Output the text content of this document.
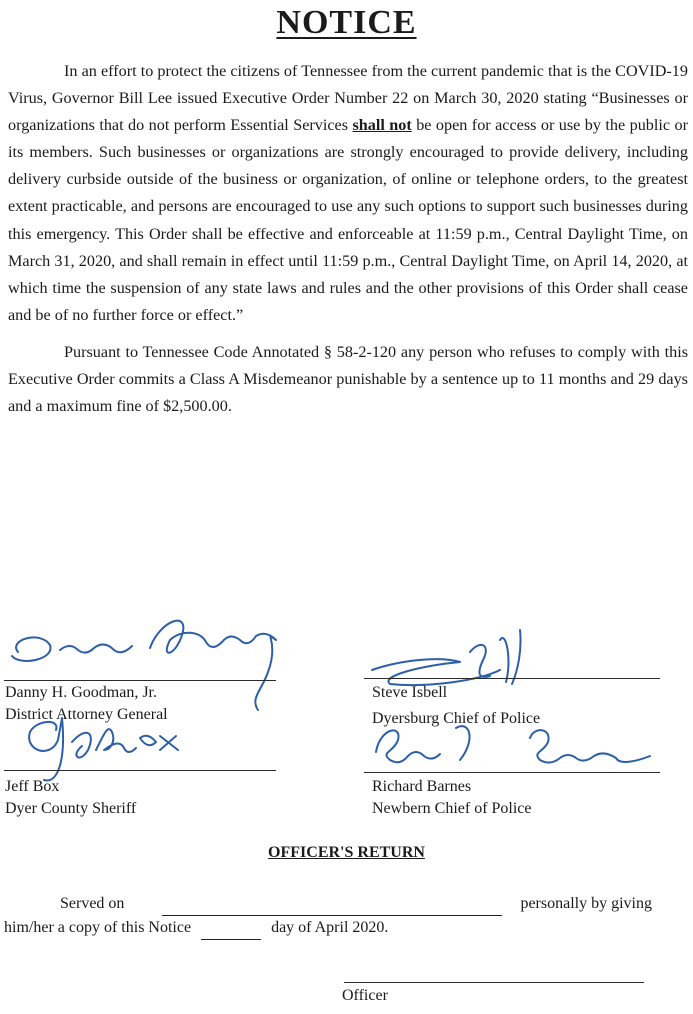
NOTICE

In an effort to protect the citizens of Tennessee from the current pandemic that is the COVID-19 Virus, Governor Bill Lee issued Executive Order Number 22 on March 30, 2020 stating “Businesses or organizations that do not perform Essential Services shall not be open for access or use by the public or its members. Such businesses or organizations are strongly encouraged to provide delivery, including delivery curbside outside of the business or organization, of online or telephone orders, to the greatest extent practicable, and persons are encouraged to use any such options to support such businesses during this emergency. This Order shall be effective and enforceable at 11:59 p.m., Central Daylight Time, on March 31, 2020, and shall remain in effect until 11:59 p.m., Central Daylight Time, on April 14, 2020, at which time the suspension of any state laws and rules and the other provisions of this Order shall cease and be of no further force or effect.”

Pursuant to Tennessee Code Annotated § 58-2-120 any person who refuses to comply with this Executive Order commits a Class A Misdemeanor punishable by a sentence up to 11 months and 29 days and a maximum fine of $2,500.00.

Danny H. Goodman, Jr.
District Attorney General
Steve Isbell
Dyersburg Chief of Police
Jeff Box
Dyer County Sheriff
Richard Barnes
Newbern Chief of Police
OFFICER'S RETURN
Served on	personally by giving
him/her a copy of this Notice	day of April 2020.
Officer
